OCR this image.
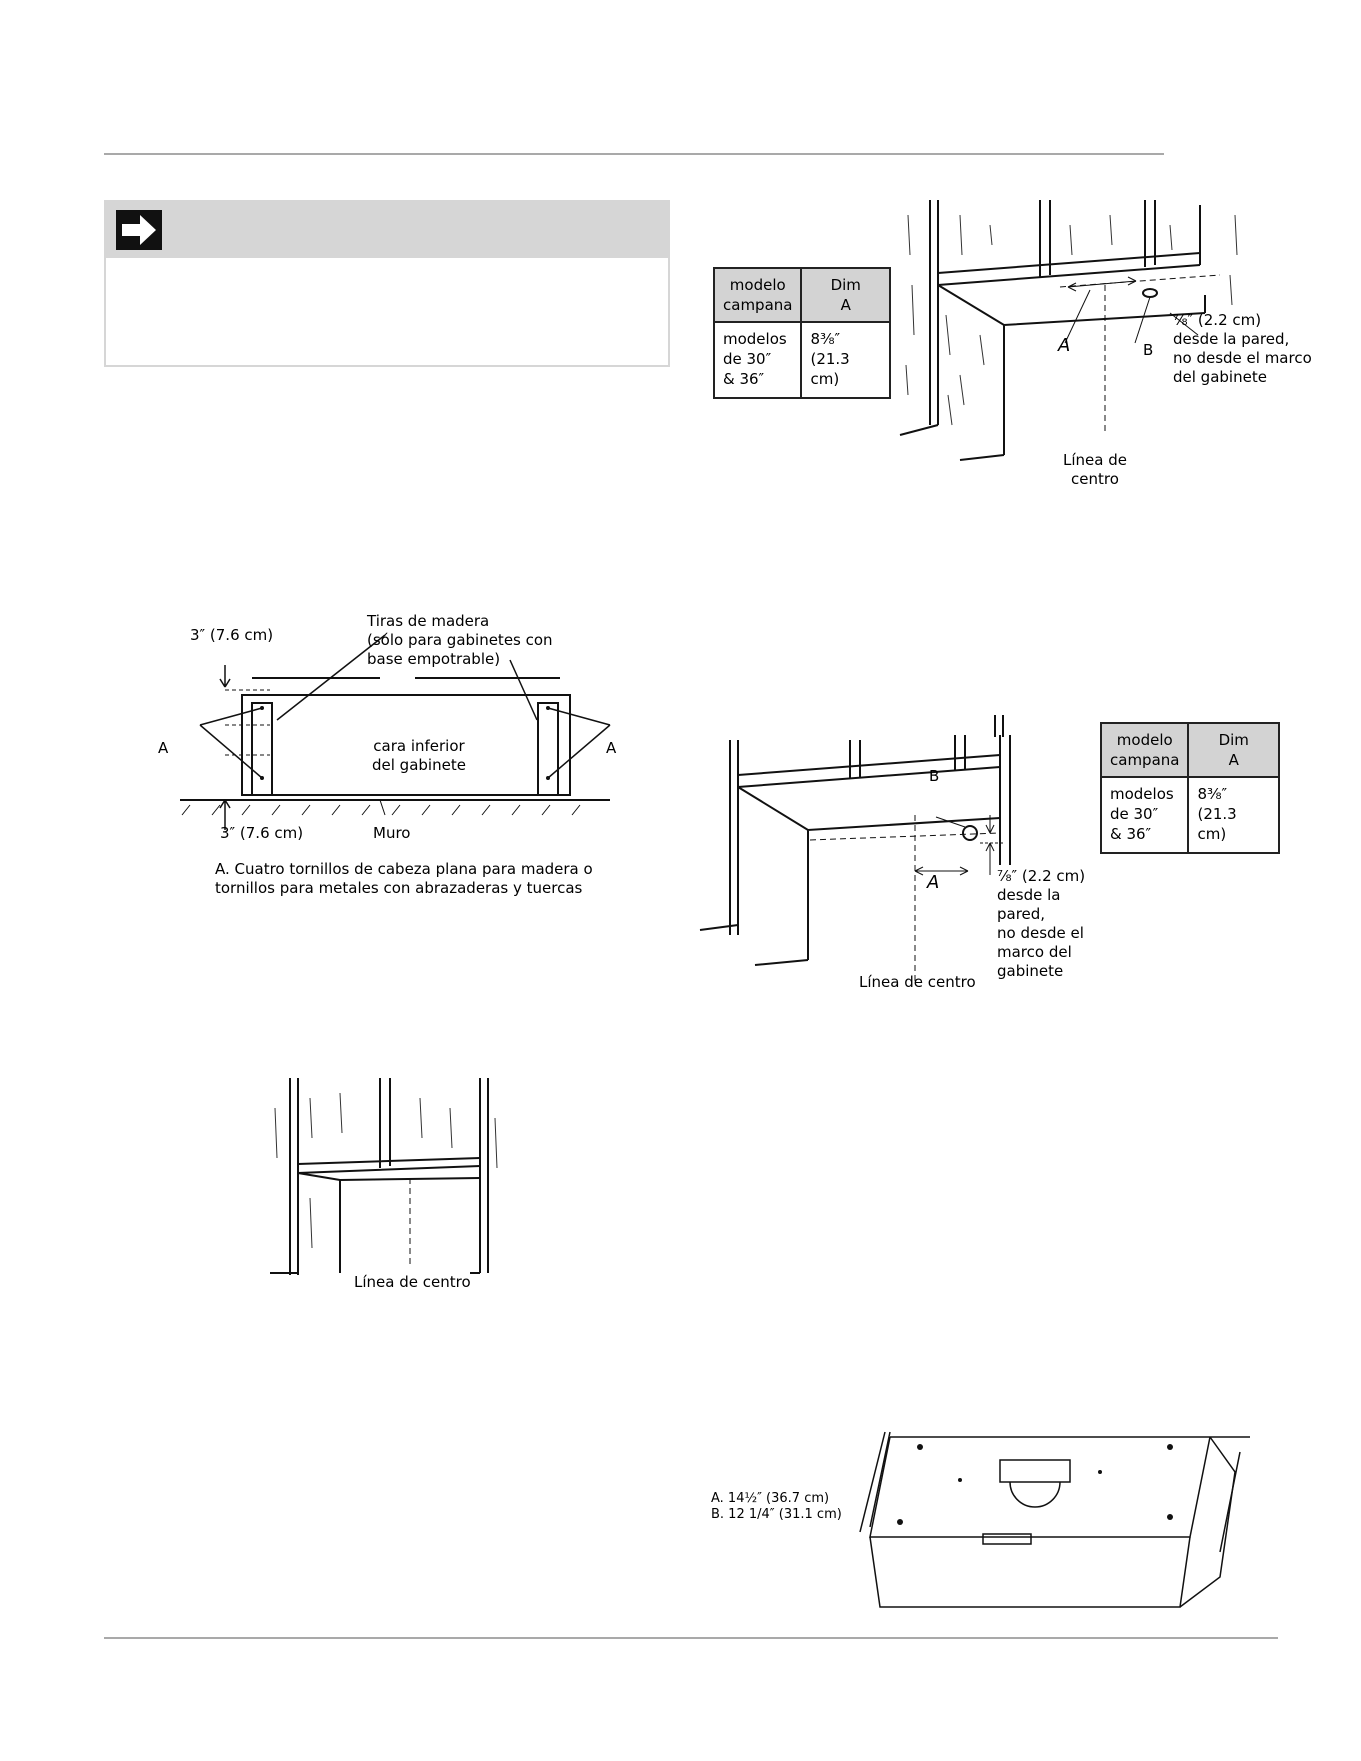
modelo
campana	Dim
A
modelos
de 30″
& 36″	8³⁄₈″
(21.3 cm)
A	B
⁷⁄₈″ (2.2 cm)
desde la pared,
no desde el marco
del gabinete
Línea de
centro
3″ (7.6 cm)
Tiras de madera
(sólo para gabinetes con
base empotrable)
A	A
cara inferior
del gabinete
3″ (7.6 cm)	Muro
A. Cuatro tornillos de cabeza plana para madera o
tornillos para metales con abrazaderas y tuercas
B
A	⁷⁄₈″ (2.2 cm)
desde la
pared,
no desde el
marco del
gabinete
Línea de centro
modelo
campana	Dim
A
modelos
de 30″
& 36″	8³⁄₈″
(21.3 cm)
Línea de centro
A. 14½″ (36.7 cm)
B. 12 1/4″ (31.1 cm)
